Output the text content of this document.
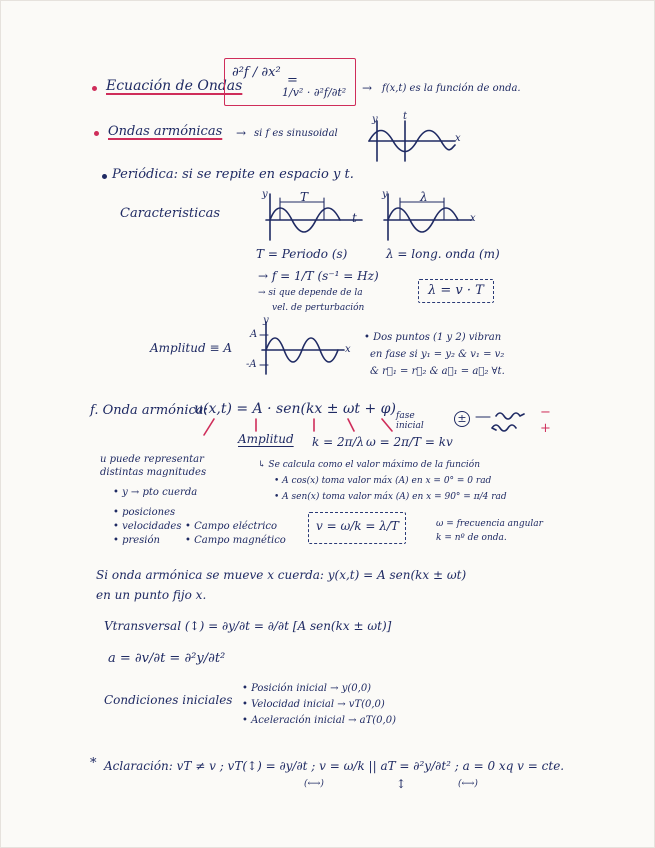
Ecuación de Ondas
∂²f / ∂x²
=
1/v² · ∂²f/∂t² → f(x,t) es la función de onda.
Ondas armónicas → si f es sinusoidal
y	t
x
Periódica: si se repite en espacio y t.
Caracteristicas
y	T
t
y	λ
x
T = Periodo (s)	λ = long. onda (m)
→ f = 1/T (s⁻¹ = Hz)
→ si que depende de la
vel. de perturbación
λ = v · T
Amplitud ≡ A
y
A
-A
x
• Dos puntos (1 y 2) vibran
en fase si y₁ = y₂ & v₁ = v₂
& r⃗₁ = r⃗₂ & a⃗₁ = a⃗₂ ∀t.
f. Onda armónica:
u(x,t) = A · sen(kx ± ωt + φ) fase inicial
±	−
+
Amplitud k = 2π/λ ω = 2π/T = kv
u puede representar
distintas magnitudes
• y → pto cuerda
• posiciones
• velocidades
• presión
• Campo eléctrico
• Campo magnético
↳ Se calcula como el valor máximo de la función
• A cos(x) toma valor máx (A) en x = 0° = 0 rad
• A sen(x) toma valor máx (A) en x = 90° = π/4 rad
v = ω/k = λ/T	ω = frecuencia angular
k = nº de onda.
Si onda armónica se mueve x cuerda: y(x,t) = A sen(kx ± ωt)
en un punto fijo x.
Vtransversal (↕) = ∂y/∂t = ∂/∂t [A sen(kx ± ωt)]
a = ∂v/∂t = ∂²y/∂t²
Condiciones iniciales
• Posición inicial → y(0,0)
• Velocidad inicial → vT(0,0)
• Aceleración inicial → aT(0,0)
* Aclaración: vT ≠ v ; vT(↕) = ∂y/∂t ; v = ω/k || aT = ∂²y/∂t² ; a = 0 xq v = cte.
(⟷)	↕	(⟷)
